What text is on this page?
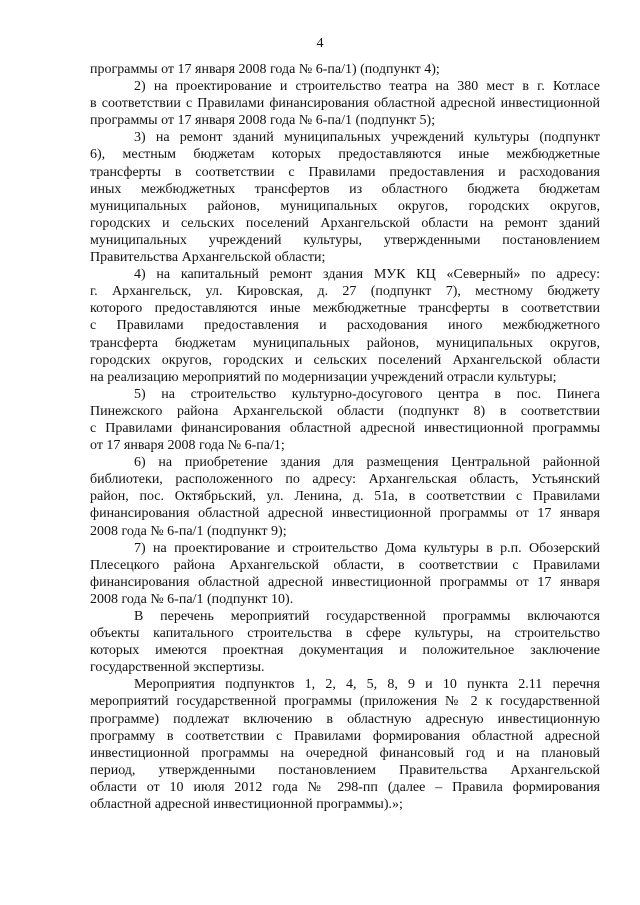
4
программы от 17 января 2008 года № 6-па/1) (подпункт 4);
2) на проектирование и строительство театра на 380 мест в г. Котласе
в соответствии с Правилами финансирования областной адресной инвестиционной
программы от 17 января 2008 года № 6-па/1 (подпункт 5);
3) на ремонт зданий муниципальных учреждений культуры (подпункт
6), местным бюджетам которых предоставляются иные межбюджетные
трансферты в соответствии с Правилами предоставления и расходования
иных межбюджетных трансфертов из областного бюджета бюджетам
муниципальных районов, муниципальных округов, городских округов,
городских и сельских поселений Архангельской области на ремонт зданий
муниципальных учреждений культуры, утвержденными постановлением
Правительства Архангельской области;
4) на капитальный ремонт здания МУК КЦ «Северный» по адресу:
г. Архангельск, ул. Кировская, д. 27 (подпункт 7), местному бюджету
которого предоставляются иные межбюджетные трансферты в соответствии
с Правилами предоставления и расходования иного межбюджетного
трансферта бюджетам муниципальных районов, муниципальных округов,
городских округов, городских и сельских поселений Архангельской области
на реализацию мероприятий по модернизации учреждений отрасли культуры;
5) на строительство культурно-досугового центра в пос. Пинега
Пинежского района Архангельской области (подпункт 8) в соответствии
с Правилами финансирования областной адресной инвестиционной программы
от 17 января 2008 года № 6-па/1;
6) на приобретение здания для размещения Центральной районной
библиотеки, расположенного по адресу: Архангельская область, Устьянский
район, пос. Октябрьский, ул. Ленина, д. 51а, в соответствии с Правилами
финансирования областной адресной инвестиционной программы от 17 января
2008 года № 6-па/1 (подпункт 9);
7) на проектирование и строительство Дома культуры в р.п. Обозерский
Плесецкого района Архангельской области, в соответствии с Правилами
финансирования областной адресной инвестиционной программы от 17 января
2008 года № 6-па/1 (подпункт 10).
В перечень мероприятий государственной программы включаются
объекты капитального строительства в сфере культуры, на строительство
которых имеются проектная документация и положительное заключение
государственной экспертизы.
Мероприятия подпунктов 1, 2, 4, 5, 8, 9 и 10 пункта 2.11 перечня
мероприятий государственной программы (приложения № 2 к государственной
программе) подлежат включению в областную адресную инвестиционную
программу в соответствии с Правилами формирования областной адресной
инвестиционной программы на очередной финансовый год и на плановый
период, утвержденными постановлением Правительства Архангельской
области от 10 июля 2012 года № 298-пп (далее – Правила формирования
областной адресной инвестиционной программы).»;
